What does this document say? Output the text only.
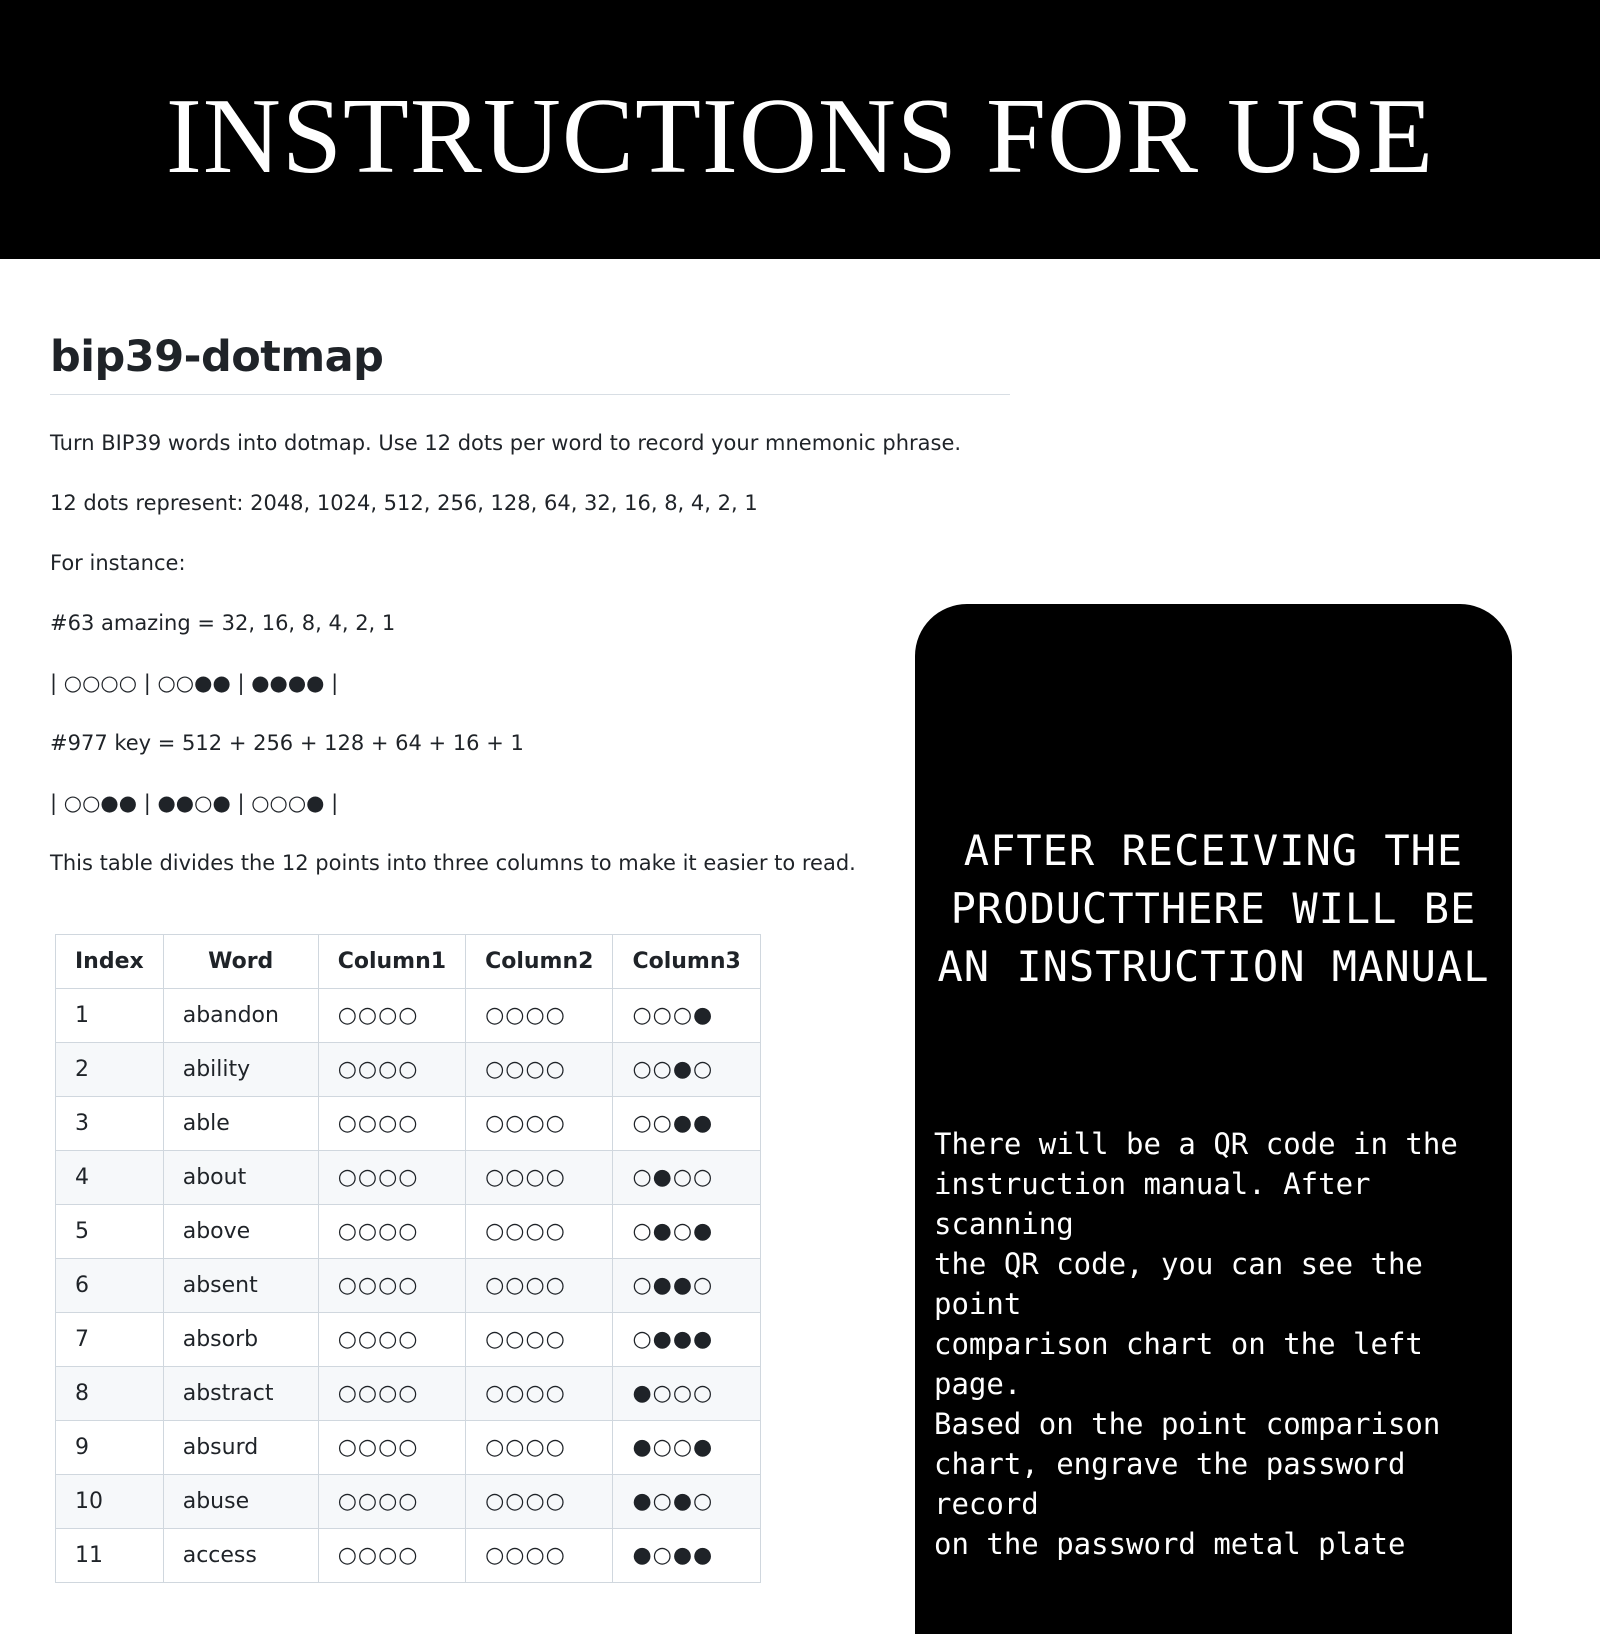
INSTRUCTIONS FOR USE
bip39-dotmap

Turn BIP39 words into dotmap. Use 12 dots per word to record your mnemonic phrase.

12 dots represent: 2048, 1024, 512, 256, 128, 64, 32, 16, 8, 4, 2, 1

For instance:

#63 amazing = 32, 16, 8, 4, 2, 1

| ○○○○ | ○○●● | ●●●● |

#977 key = 512 + 256 + 128 + 64 + 16 + 1

| ○○●● | ●●○● | ○○○● |

This table divides the 12 points into three columns to make it easier to read.

Index	Word	Column1	Column2	Column3
1	abandon	○○○○	○○○○	○○○●
2	ability	○○○○	○○○○	○○●○
3	able	○○○○	○○○○	○○●●
4	about	○○○○	○○○○	○●○○
5	above	○○○○	○○○○	○●○●
6	absent	○○○○	○○○○	○●●○
7	absorb	○○○○	○○○○	○●●●
8	abstract	○○○○	○○○○	●○○○
9	absurd	○○○○	○○○○	●○○●
10	abuse	○○○○	○○○○	●○●○
11	access	○○○○	○○○○	●○●●
AFTER RECEIVING THE PRODUCTTHERE WILL BE AN INSTRUCTION MANUAL
There will be a QR code in the
instruction manual. After scanning
the QR code, you can see the point
comparison chart on the left page.
Based on the point comparison
chart, engrave the password record
on the password metal plate
